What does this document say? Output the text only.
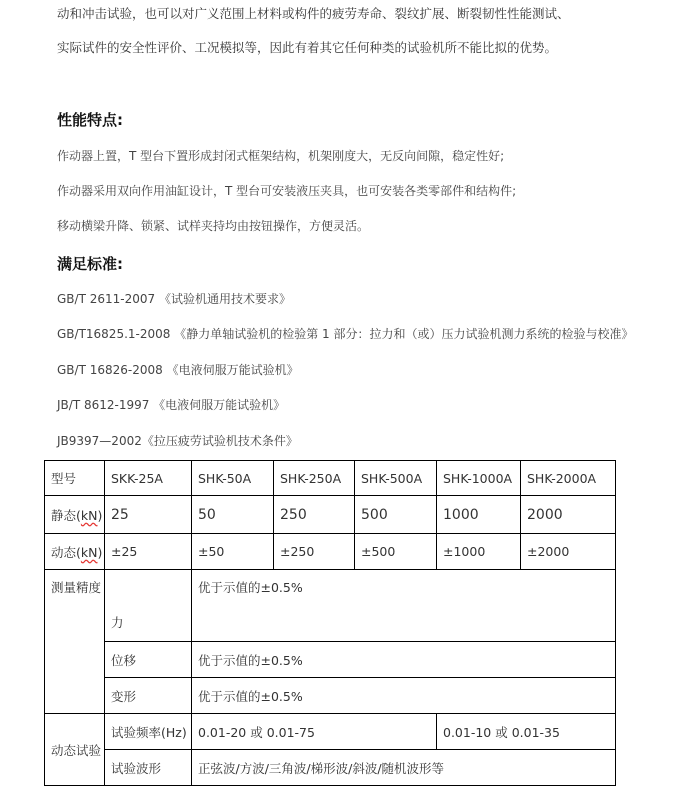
动和冲击试验，也可以对广义范围上材料或构件的疲劳寿命、裂纹扩展、断裂韧性性能测试、
实际试件的安全性评价、工况模拟等，因此有着其它任何种类的试验机所不能比拟的优势。
性能特点:
作动器上置，T 型台下置形成封闭式框架结构，机架刚度大，无反向间隙，稳定性好;
作动器采用双向作用油缸设计，T 型台可安装液压夹具，也可安装各类零部件和结构件;
移动横梁升降、锁紧、试样夹持均由按钮操作，方便灵活。
满足标准:
GB/T 2611-2007 《试验机通用技术要求》
GB/T16825.1-2008 《静力单轴试验机的检验第 1 部分：拉力和（或）压力试验机测力系统的检验与校准》
GB/T 16826-2008 《电液伺服万能试验机》
JB/T 8612-1997 《电液伺服万能试验机》
JB9397—2002《拉压疲劳试验机技术条件》
型号	SKK-25A	SHK-50A	SHK-250A	SHK-500A	SHK-1000A	SHK-2000A
静态(kN)	25	50	250	500	1000	2000
动态(kN)	±25	±50	±250	±500	±1000	±2000
测量精度	力	优于示值的±0.5%				
	位移	优于示值的±0.5%				
	变形	优于示值的±0.5%				
动态试验	试验频率(Hz)	0.01-20 或 0.01-75			0.01-10 或 0.01-35	
	试验波形	正弦波/方波/三角波/梯形波/斜波/随机波形等				
